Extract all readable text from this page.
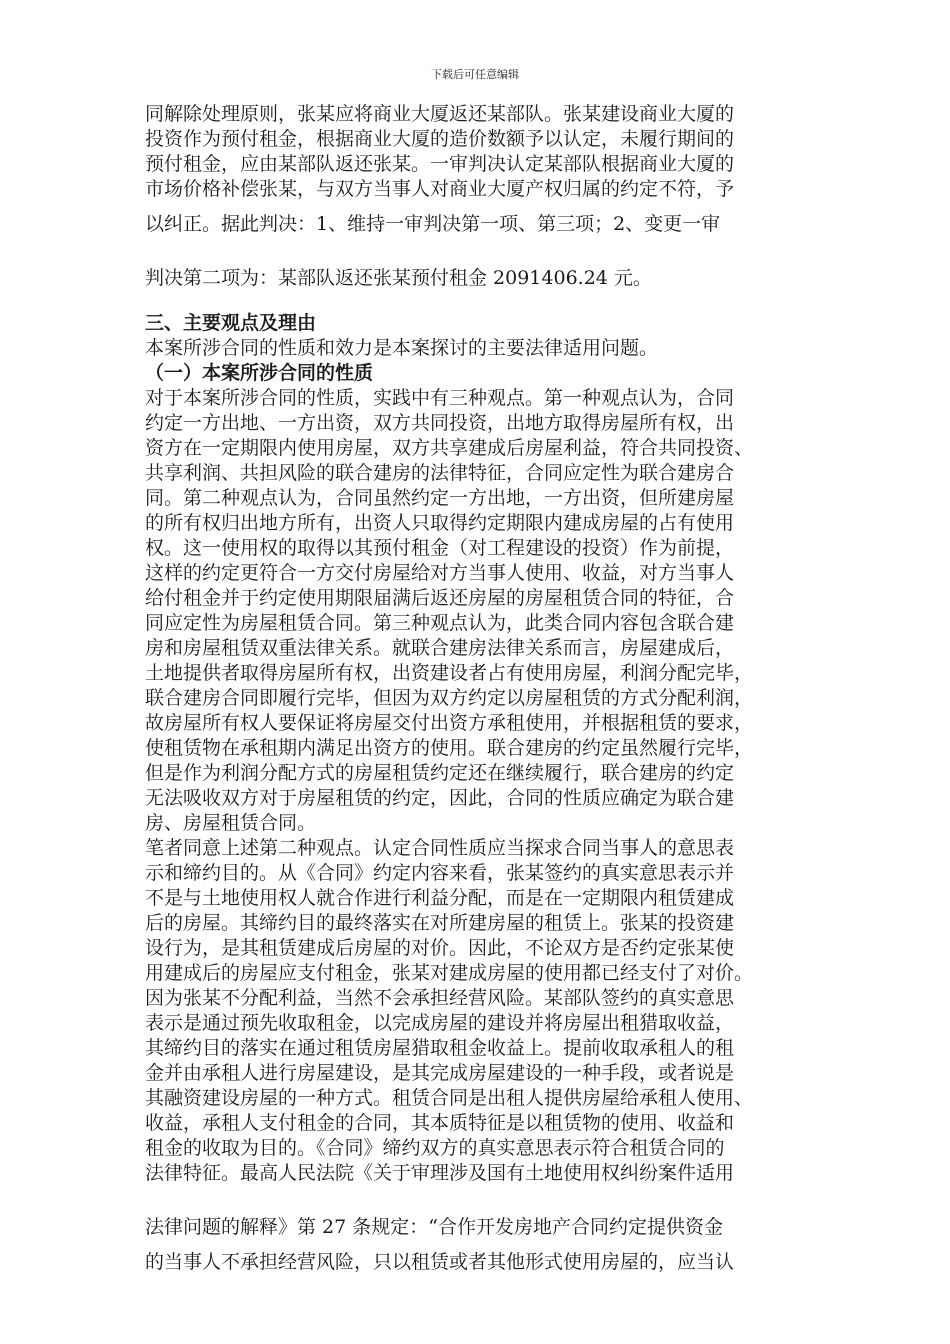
下载后可任意编辑
同解除处理原则，张某应将商业大厦返还某部队。张某建设商业大厦的
投资作为预付租金，根据商业大厦的造价数额予以认定，未履行期间的
预付租金，应由某部队返还张某。一审判决认定某部队根据商业大厦的
市场价格补偿张某，与双方当事人对商业大厦产权归属的约定不符，予
以纠正。据此判决：1、维持一审判决第一项、第三项；2、变更一审
判决第二项为：某部队返还张某预付租金 2091406.24 元。
三、主要观点及理由
本案所涉合同的性质和效力是本案探讨的主要法律适用问题。
（一）本案所涉合同的性质
对于本案所涉合同的性质，实践中有三种观点。第一种观点认为，合同
约定一方出地、一方出资，双方共同投资，出地方取得房屋所有权，出
资方在一定期限内使用房屋，双方共享建成后房屋利益，符合共同投资、
共享利润、共担风险的联合建房的法律特征，合同应定性为联合建房合
同。第二种观点认为，合同虽然约定一方出地，一方出资，但所建房屋
的所有权归出地方所有，出资人只取得约定期限内建成房屋的占有使用
权。这一使用权的取得以其预付租金（对工程建设的投资）作为前提，
这样的约定更符合一方交付房屋给对方当事人使用、收益，对方当事人
给付租金并于约定使用期限届满后返还房屋的房屋租赁合同的特征，合
同应定性为房屋租赁合同。第三种观点认为，此类合同内容包含联合建
房和房屋租赁双重法律关系。就联合建房法律关系而言，房屋建成后，
土地提供者取得房屋所有权，出资建设者占有使用房屋，利润分配完毕，
联合建房合同即履行完毕，但因为双方约定以房屋租赁的方式分配利润，
故房屋所有权人要保证将房屋交付出资方承租使用，并根据租赁的要求，
使租赁物在承租期内满足出资方的使用。联合建房的约定虽然履行完毕，
但是作为利润分配方式的房屋租赁约定还在继续履行，联合建房的约定
无法吸收双方对于房屋租赁的约定，因此，合同的性质应确定为联合建
房、房屋租赁合同。
笔者同意上述第二种观点。认定合同性质应当探求合同当事人的意思表
示和缔约目的。从《合同》约定内容来看，张某签约的真实意思表示并
不是与土地使用权人就合作进行利益分配，而是在一定期限内租赁建成
后的房屋。其缔约目的最终落实在对所建房屋的租赁上。张某的投资建
设行为，是其租赁建成后房屋的对价。因此，不论双方是否约定张某使
用建成后的房屋应支付租金，张某对建成房屋的使用都已经支付了对价。
因为张某不分配利益，当然不会承担经营风险。某部队签约的真实意思
表示是通过预先收取租金，以完成房屋的建设并将房屋出租猎取收益，
其缔约目的落实在通过租赁房屋猎取租金收益上。提前收取承租人的租
金并由承租人进行房屋建设，是其完成房屋建设的一种手段，或者说是
其融资建设房屋的一种方式。租赁合同是出租人提供房屋给承租人使用、
收益，承租人支付租金的合同，其本质特征是以租赁物的使用、收益和
租金的收取为目的。《合同》缔约双方的真实意思表示符合租赁合同的
法律特征。最高人民法院《关于审理涉及国有土地使用权纠纷案件适用
法律问题的解释》第 27 条规定：“合作开发房地产合同约定提供资金
的当事人不承担经营风险，只以租赁或者其他形式使用房屋的，应当认
